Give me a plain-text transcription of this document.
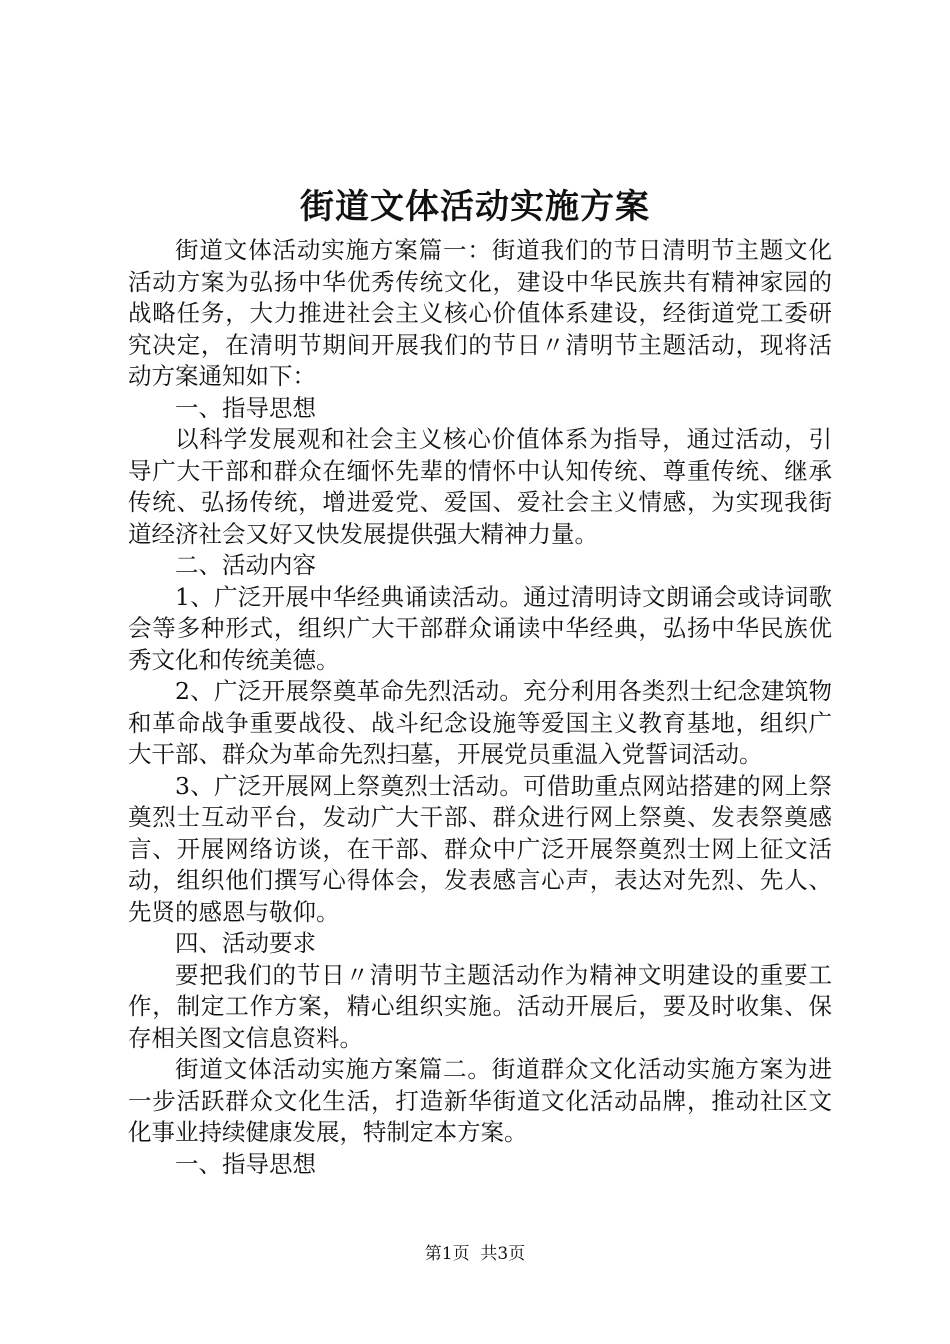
街道文体活动实施方案

街道文体活动实施方案篇一：街道我们的节日清明节主题文化活动方案为弘扬中华优秀传统文化，建设中华民族共有精神家园的战略任务，大力推进社会主义核心价值体系建设，经街道党工委研究决定，在清明节期间开展我们的节日〃清明节主题活动，现将活动方案通知如下：

一、指导思想

以科学发展观和社会主义核心价值体系为指导，通过活动，引导广大干部和群众在缅怀先辈的情怀中认知传统、尊重传统、继承传统、弘扬传统，增进爱党、爱国、爱社会主义情感，为实现我街道经济社会又好又快发展提供强大精神力量。

二、活动内容

1、广泛开展中华经典诵读活动。通过清明诗文朗诵会或诗词歌会等多种形式，组织广大干部群众诵读中华经典，弘扬中华民族优秀文化和传统美德。

2、广泛开展祭奠革命先烈活动。充分利用各类烈士纪念建筑物和革命战争重要战役、战斗纪念设施等爱国主义教育基地，组织广大干部、群众为革命先烈扫墓，开展党员重温入党誓词活动。

3、广泛开展网上祭奠烈士活动。可借助重点网站搭建的网上祭奠烈士互动平台，发动广大干部、群众进行网上祭奠、发表祭奠感言、开展网络访谈，在干部、群众中广泛开展祭奠烈士网上征文活动，组织他们撰写心得体会，发表感言心声，表达对先烈、先人、先贤的感恩与敬仰。

四、活动要求

要把我们的节日〃清明节主题活动作为精神文明建设的重要工作，制定工作方案，精心组织实施。活动开展后，要及时收集、保存相关图文信息资料。

街道文体活动实施方案篇二。街道群众文化活动实施方案为进一步活跃群众文化生活，打造新华街道文化活动品牌，推动社区文化事业持续健康发展，特制定本方案。

一、指导思想

第1页 共3页
